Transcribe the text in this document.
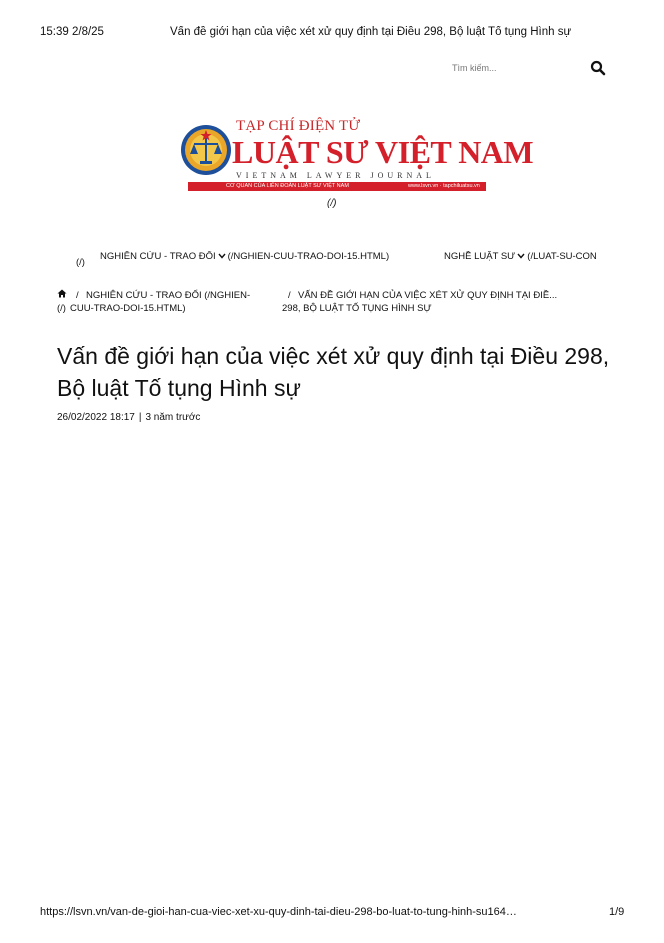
15:39 2/8/25	Vấn đề giới hạn của việc xét xử quy định tại Điều 298, Bộ luật Tố tụng Hình sự
Tìm kiếm...
TẠP CHÍ ĐIỆN TỬ
LUẬT SƯ VIỆT NAM
VIETNAM LAWYER JOURNAL
CƠ QUAN CỦA LIÊN ĐOÀN LUẬT SƯ VIỆT NAM	www.lsvn.vn · tapchiluatsu.vn
(/)
(/)
NGHIÊN CỨU - TRAO ĐỔI (/NGHIEN-CUU-TRAO-DOI-15.HTML)	NGHỀ LUẬT SƯ (/LUAT-SU-CON
(/)
/ NGHIÊN CỨU - TRAO ĐỔI (/NGHIEN-
CUU-TRAO-DOI-15.HTML)
/ VẤN ĐỀ GIỚI HẠN CỦA VIỆC XÉT XỬ QUY ĐỊNH TẠI ĐIỀ...
298, BỘ LUẬT TỐ TỤNG HÌNH SỰ
Vấn đề giới hạn của việc xét xử quy định tại Điều 298, Bộ luật Tố tụng Hình sự
26/02/2022 18:17 | 3 năm trước
https://lsvn.vn/van-de-gioi-han-cua-viec-xet-xu-quy-dinh-tai-dieu-298-bo-luat-to-tung-hinh-su164…	1/9
